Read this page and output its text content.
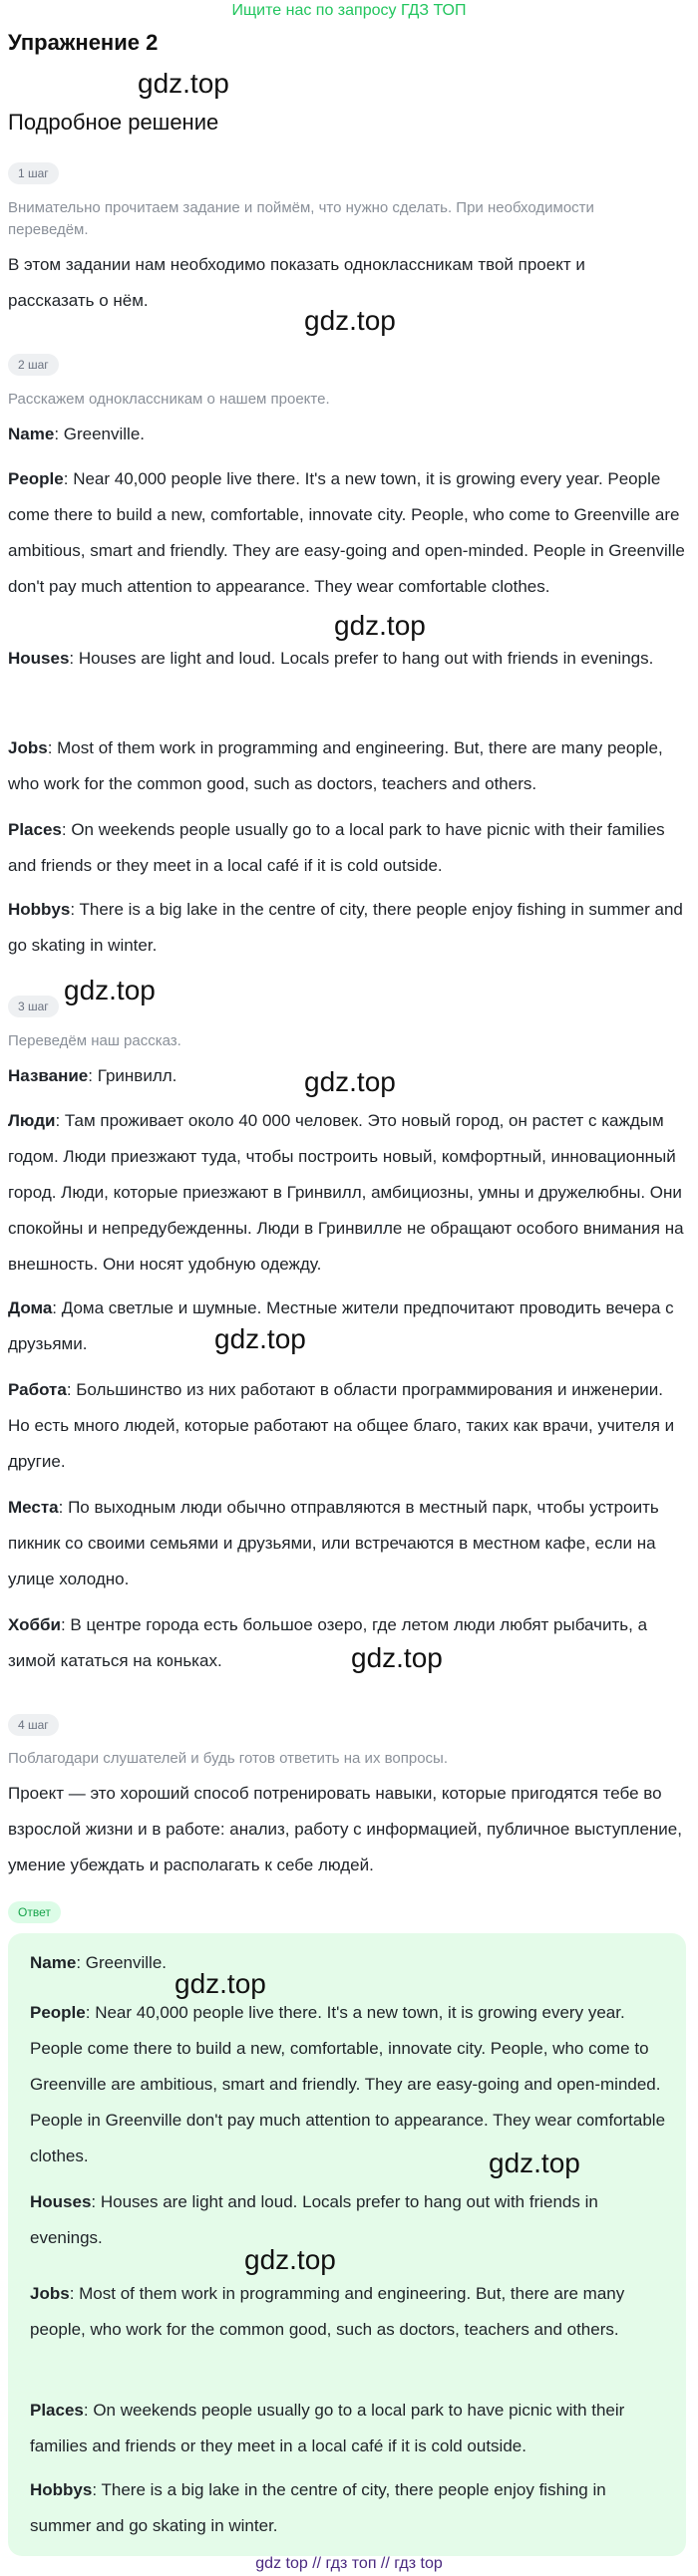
Ищите нас по запросу ГДЗ ТОП
Упражнение 2
Подробное решение
1 шаг
Внимательно прочитаем задание и поймём, что нужно сделать. При необходимости переведём.
В этом задании нам необходимо показать одноклассникам твой проект и рассказать о нём.
2 шаг
Расскажем одноклассникам о нашем проекте.
Name: Greenville.
People: Near 40,000 people live there. It's a new town, it is growing every year. People come there to build a new, comfortable, innovate city. People, who come to Greenville are ambitious, smart and friendly. They are easy-going and open-minded. People in Greenville don't pay much attention to appearance. They wear comfortable clothes.
Houses: Houses are light and loud. Locals prefer to hang out with friends in evenings.
Jobs: Most of them work in programming and engineering. But, there are many people, who work for the common good, such as doctors, teachers and others.
Places: On weekends people usually go to a local park to have picnic with their families and friends or they meet in a local café if it is cold outside.
Hobbys: There is a big lake in the centre of city, there people enjoy fishing in summer and go skating in winter.
3 шаг
Переведём наш рассказ.
Название: Гринвилл.
Люди: Там проживает около 40 000 человек. Это новый город, он растет с каждым годом. Люди приезжают туда, чтобы построить новый, комфортный, инновационный город. Люди, которые приезжают в Гринвилл, амбициозны, умны и дружелюбны. Они спокойны и непредубежденны. Люди в Гринвилле не обращают особого внимания на внешность. Они носят удобную одежду.
Дома: Дома светлые и шумные. Местные жители предпочитают проводить вечера с друзьями.
Работа: Большинство из них работают в области программирования и инженерии. Но есть много людей, которые работают на общее благо, таких как врачи, учителя и другие.
Места: По выходным люди обычно отправляются в местный парк, чтобы устроить пикник со своими семьями и друзьями, или встречаются в местном кафе, если на улице холодно.
Хобби: В центре города есть большое озеро, где летом люди любят рыбачить, а зимой кататься на коньках.
4 шаг
Поблагодари слушателей и будь готов ответить на их вопросы.
Проект — это хороший способ потренировать навыки, которые пригодятся тебе во взрослой жизни и в работе: анализ, работу с информацией, публичное выступление, умение убеждать и располагать к себе людей.
Ответ
Name: Greenville.
People: Near 40,000 people live there. It's a new town, it is growing every year. People come there to build a new, comfortable, innovate city. People, who come to Greenville are ambitious, smart and friendly. They are easy-going and open-minded. People in Greenville don't pay much attention to appearance. They wear comfortable clothes.
Houses: Houses are light and loud. Locals prefer to hang out with friends in evenings.
Jobs: Most of them work in programming and engineering. But, there are many people, who work for the common good, such as doctors, teachers and others.
Places: On weekends people usually go to a local park to have picnic with their families and friends or they meet in a local café if it is cold outside.
Hobbys: There is a big lake in the centre of city, there people enjoy fishing in summer and go skating in winter.
gdz.top
gdz.top
gdz.top
gdz.top
gdz.top
gdz.top
gdz.top
gdz.top
gdz.top
gdz.top
gdz top // гдз топ // гдз top
